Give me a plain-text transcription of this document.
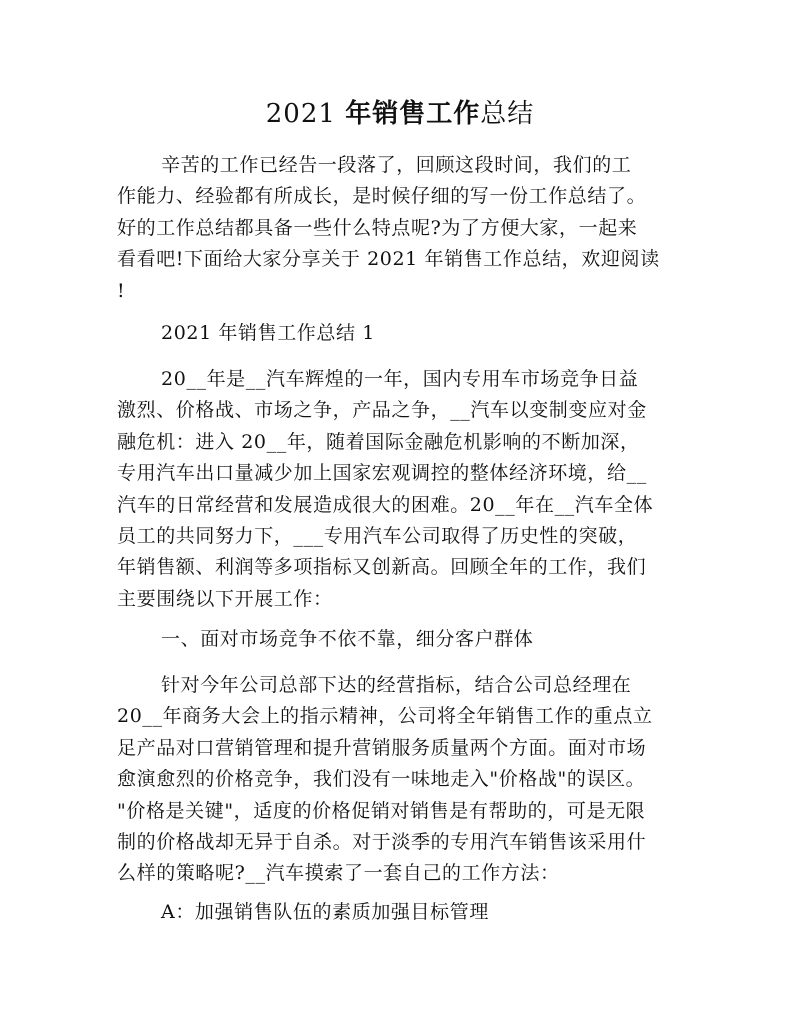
2021 年销售工作总结
辛苦的工作已经告一段落了，回顾这段时间，我们的工
作能力、经验都有所成长，是时候仔细的写一份工作总结了。
好的工作总结都具备一些什么特点呢?为了方便大家，一起来
看看吧!下面给大家分享关于 2021 年销售工作总结，欢迎阅读
!
2021 年销售工作总结 1
20__年是__汽车辉煌的一年，国内专用车市场竞争日益
激烈、价格战、市场之争，产品之争，__汽车以变制变应对金
融危机：进入 20__年，随着国际金融危机影响的不断加深，
专用汽车出口量减少加上国家宏观调控的整体经济环境，给__
汽车的日常经营和发展造成很大的困难。20__年在__汽车全体
员工的共同努力下，___专用汽车公司取得了历史性的突破，
年销售额、利润等多项指标又创新高。回顾全年的工作，我们
主要围绕以下开展工作：
一、面对市场竞争不依不靠，细分客户群体
针对今年公司总部下达的经营指标，结合公司总经理在
20__年商务大会上的指示精神，公司将全年销售工作的重点立
足产品对口营销管理和提升营销服务质量两个方面。面对市场
愈演愈烈的价格竞争，我们没有一味地走入"价格战"的误区。
"价格是关键"，适度的价格促销对销售是有帮助的，可是无限
制的价格战却无异于自杀。对于淡季的专用汽车销售该采用什
么样的策略呢?__汽车摸索了一套自己的工作方法：
A：加强销售队伍的素质加强目标管理
